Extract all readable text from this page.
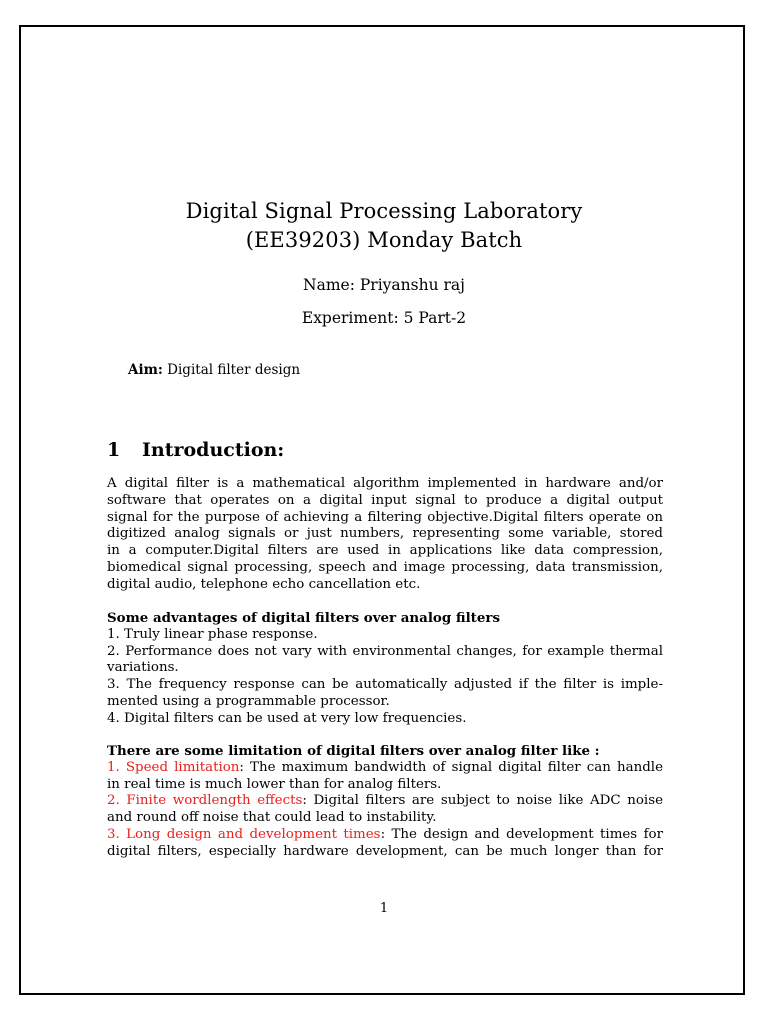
Digital Signal Processing Laboratory
(EE39203) Monday Batch
Name: Priyanshu raj
Experiment: 5 Part-2
Aim: Digital filter design
1 Introduction:
A digital filter is a mathematical algorithm implemented in hardware and/or
software that operates on a digital input signal to produce a digital output
signal for the purpose of achieving a filtering objective.Digital filters operate on
digitized analog signals or just numbers, representing some variable, stored
in a computer.Digital filters are used in applications like data compression,
biomedical signal processing, speech and image processing, data transmission,
digital audio, telephone echo cancellation etc.
Some advantages of digital filters over analog filters
1. Truly linear phase response.
2. Performance does not vary with environmental changes, for example thermal
variations.
3. The frequency response can be automatically adjusted if the filter is imple-
mented using a programmable processor.
4. Digital filters can be used at very low frequencies.
There are some limitation of digital filters over analog filter like :
1. Speed limitation: The maximum bandwidth of signal digital filter can handle
in real time is much lower than for analog filters.
2. Finite wordlength effects: Digital filters are subject to noise like ADC noise
and round off noise that could lead to instability.
3. Long design and development times: The design and development times for
digital filters, especially hardware development, can be much longer than for
1
